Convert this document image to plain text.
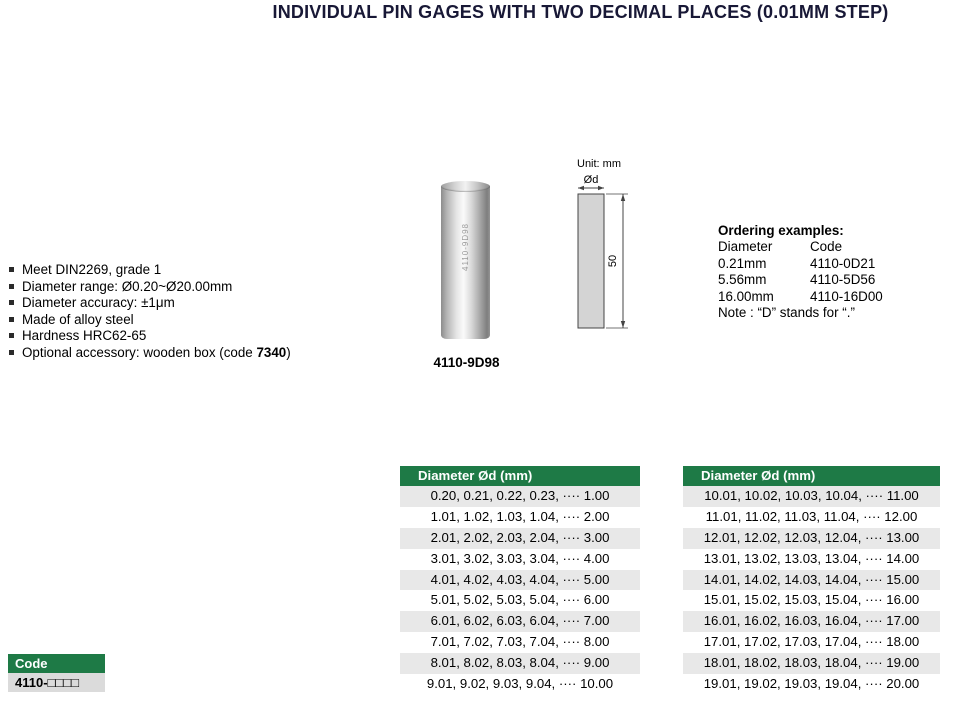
INDIVIDUAL PIN GAGES WITH TWO DECIMAL PLACES (0.01MM STEP)
Meet DIN2269, grade 1
Diameter range: Ø0.20~Ø20.00mm
Diameter accuracy: ±1μm
Made of alloy steel
Hardness HRC62-65
Optional accessory: wooden box (code 7340)
4110-9D98
4110-9D98
Unit: mm
Ød
50
Ordering examples:
Diameter	Code
0.21mm	4110-0D21
5.56mm	4110-5D56
16.00mm	4110-16D00
Note : “D” stands for “.”
Code
4110-□□□□
Diameter Ød (mm)
0.20, 0.21, 0.22, 0.23, ···· 1.00
1.01, 1.02, 1.03, 1.04, ···· 2.00
2.01, 2.02, 2.03, 2.04, ···· 3.00
3.01, 3.02, 3.03, 3.04, ···· 4.00
4.01, 4.02, 4.03, 4.04, ···· 5.00
5.01, 5.02, 5.03, 5.04, ···· 6.00
6.01, 6.02, 6.03, 6.04, ···· 7.00
7.01, 7.02, 7.03, 7.04, ···· 8.00
8.01, 8.02, 8.03, 8.04, ···· 9.00
9.01, 9.02, 9.03, 9.04, ···· 10.00
Diameter Ød (mm)
10.01, 10.02, 10.03, 10.04, ···· 11.00
11.01, 11.02, 11.03, 11.04, ···· 12.00
12.01, 12.02, 12.03, 12.04, ···· 13.00
13.01, 13.02, 13.03, 13.04, ···· 14.00
14.01, 14.02, 14.03, 14.04, ···· 15.00
15.01, 15.02, 15.03, 15.04, ···· 16.00
16.01, 16.02, 16.03, 16.04, ···· 17.00
17.01, 17.02, 17.03, 17.04, ···· 18.00
18.01, 18.02, 18.03, 18.04, ···· 19.00
19.01, 19.02, 19.03, 19.04, ···· 20.00
